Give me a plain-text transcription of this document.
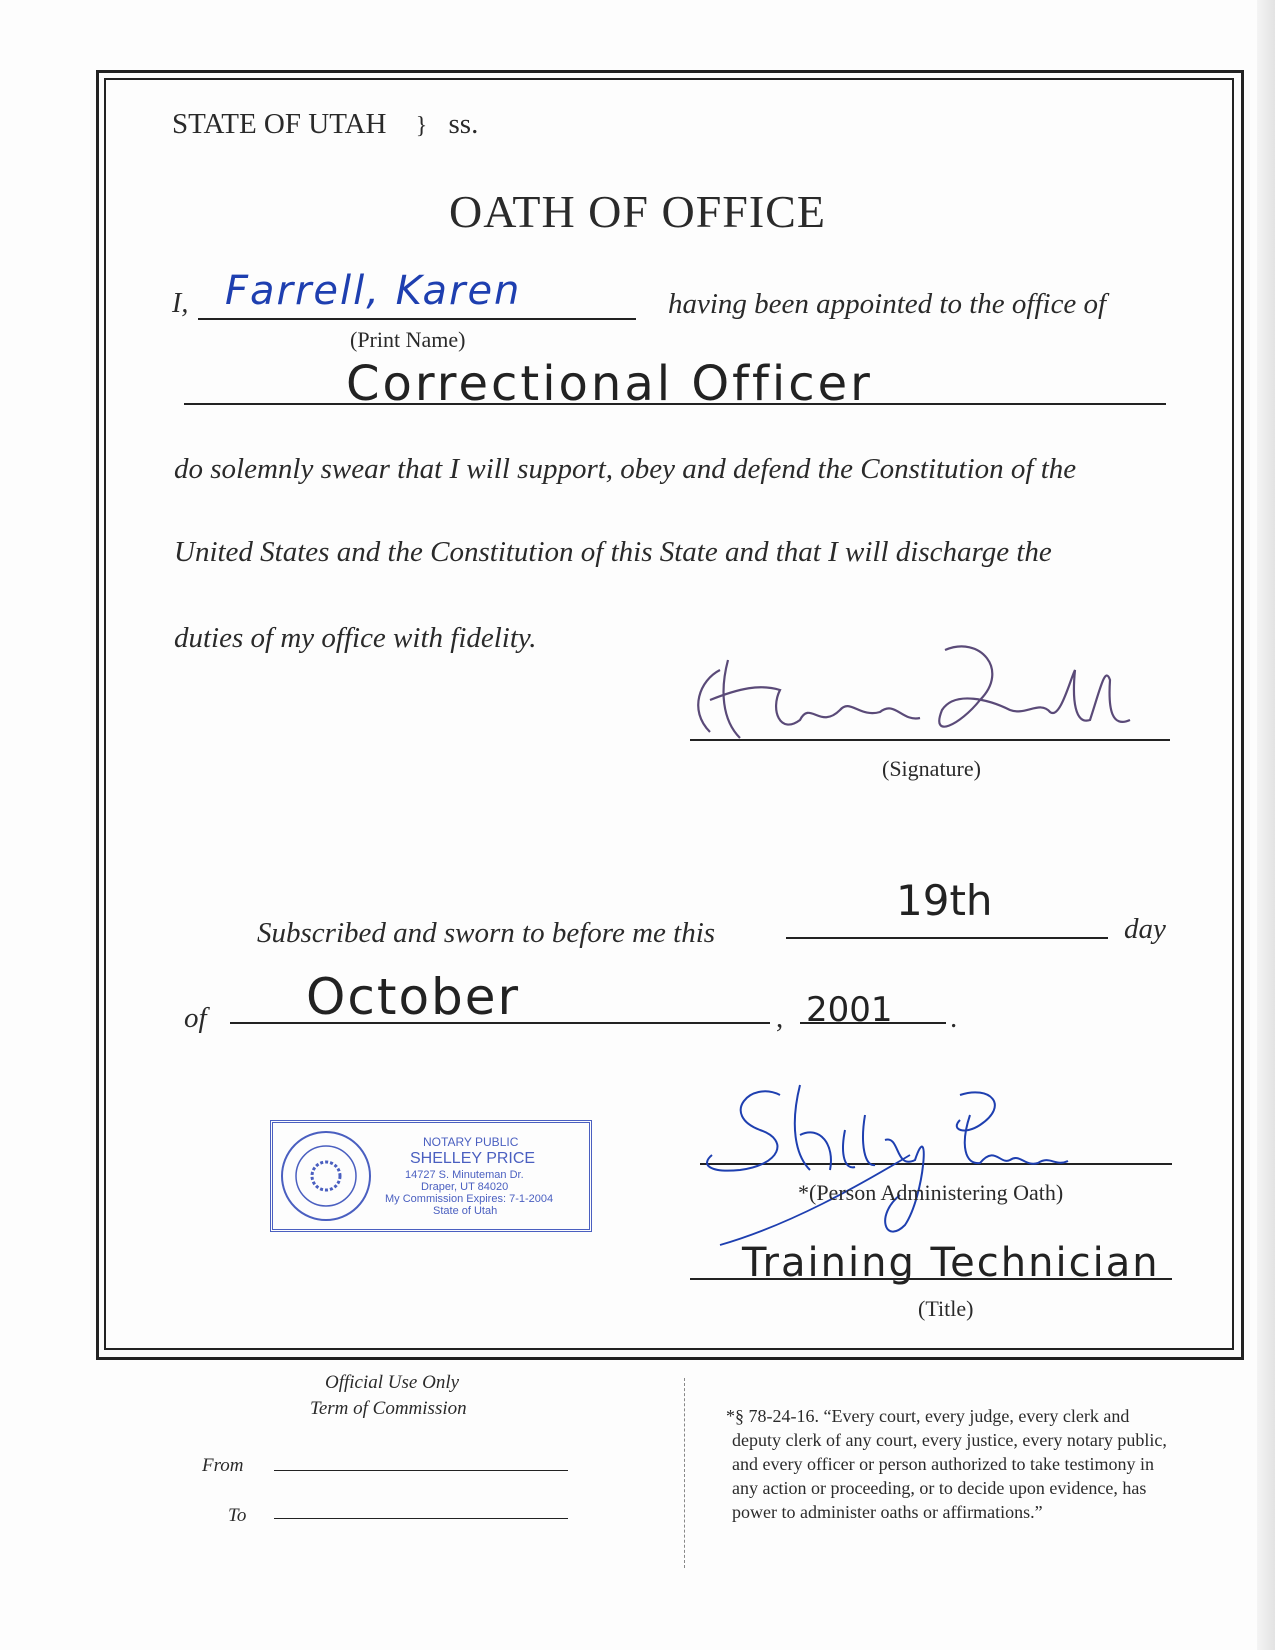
STATE OF UTAH } ss.
OATH OF OFFICE
I, Farrell, Karen
(Print Name)
having been appointed to the office of
Correctional Officer
do solemnly swear that I will support, obey and defend the Constitution of the
United States and the Constitution of this State and that I will discharge the
duties of my office with fidelity.
(Signature)
Subscribed and sworn to before me this
19th
day
of October	, 2001 .
NOTARY PUBLIC
SHELLEY PRICE
14727 S. Minuteman Dr.
Draper, UT 84020
My Commission Expires: 7-1-2004
State of Utah
*(Person Administering Oath)
Training Technician
(Title)
Official Use Only
Term of Commission
From
To
*§ 78-24-16. “Every court, every judge, every clerk and
deputy clerk of any court, every justice, every notary public,
and every officer or person authorized to take testimony in
any action or proceeding, or to decide upon evidence, has
power to administer oaths or affirmations.”
